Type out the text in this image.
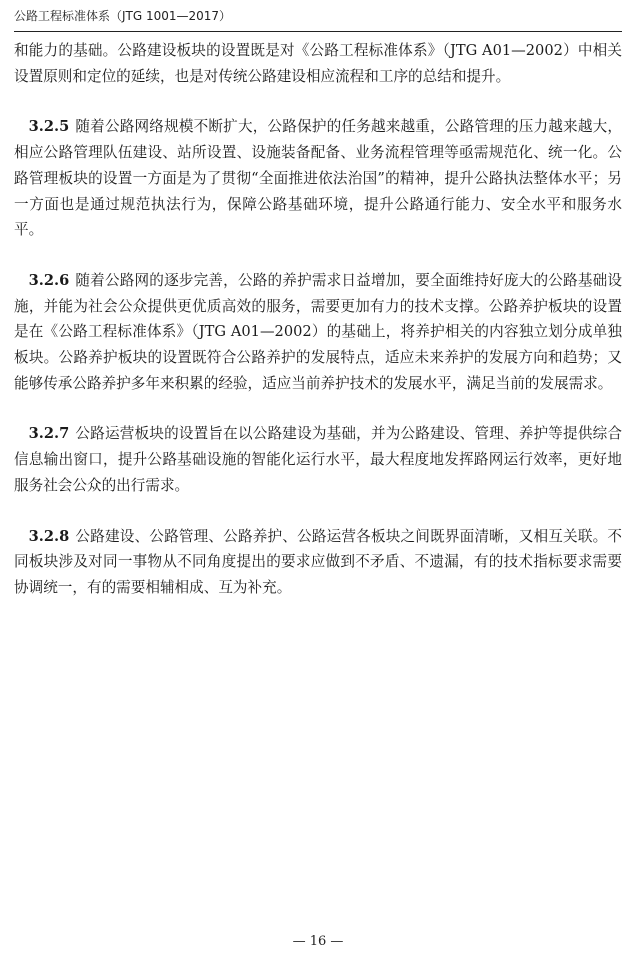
公路工程标准体系（JTG 1001—2017）

和能力的基础。公路建设板块的设置既是对《公路工程标准体系》（JTG A01—2002）中相关设置原则和定位的延续，也是对传统公路建设相应流程和工序的总结和提升。

3.2.5 随着公路网络规模不断扩大，公路保护的任务越来越重，公路管理的压力越来越大，相应公路管理队伍建设、站所设置、设施装备配备、业务流程管理等亟需规范化、统一化。公路管理板块的设置一方面是为了贯彻“全面推进依法治国”的精神，提升公路执法整体水平；另一方面也是通过规范执法行为，保障公路基础环境，提升公路通行能力、安全水平和服务水平。

3.2.6 随着公路网的逐步完善，公路的养护需求日益增加，要全面维持好庞大的公路基础设施，并能为社会公众提供更优质高效的服务，需要更加有力的技术支撑。公路养护板块的设置是在《公路工程标准体系》（JTG A01—2002）的基础上，将养护相关的内容独立划分成单独板块。公路养护板块的设置既符合公路养护的发展特点，适应未来养护的发展方向和趋势；又能够传承公路养护多年来积累的经验，适应当前养护技术的发展水平，满足当前的发展需求。

3.2.7 公路运营板块的设置旨在以公路建设为基础，并为公路建设、管理、养护等提供综合信息输出窗口，提升公路基础设施的智能化运行水平，最大程度地发挥路网运行效率，更好地服务社会公众的出行需求。

3.2.8 公路建设、公路管理、公路养护、公路运营各板块之间既界面清晰，又相互关联。不同板块涉及对同一事物从不同角度提出的要求应做到不矛盾、不遗漏，有的技术指标要求需要协调统一，有的需要相辅相成、互为补充。

— 16 —
